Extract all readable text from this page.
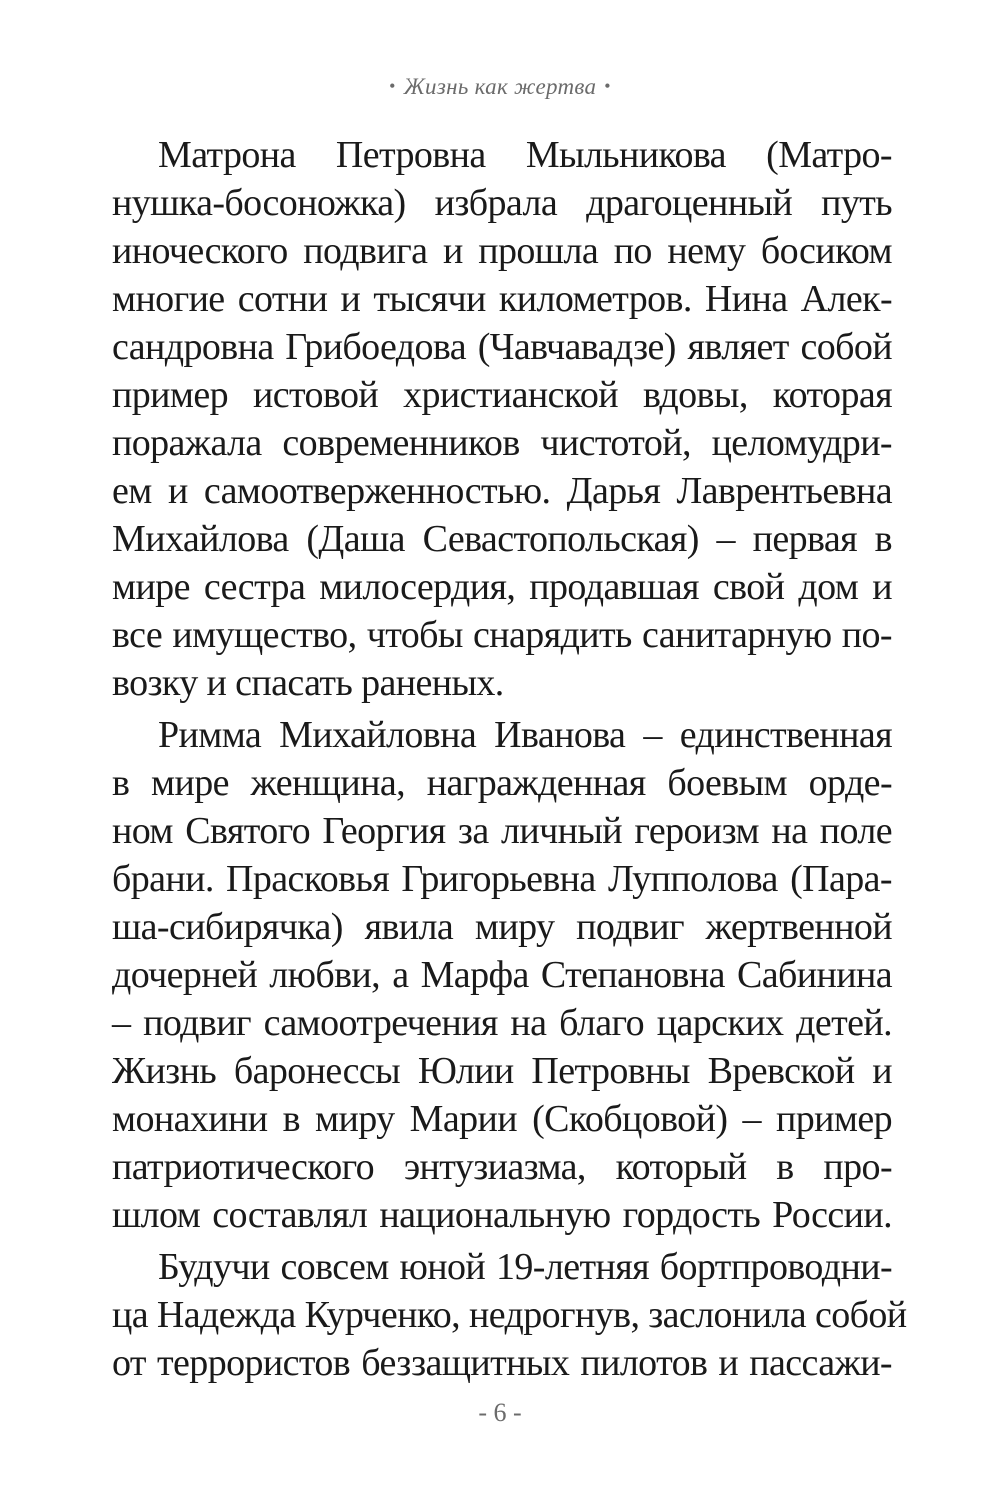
• Жизнь как жертва •
Матрона Петровна Мыльникова (Матро-
нушка-босоножка) избрала драгоценный путь
иноческого подвига и прошла по нему босиком
многие сотни и тысячи километров. Нина Алек-
сандровна Грибоедова (Чавчавадзе) являет собой
пример истовой христианской вдовы, которая
поражала современников чистотой, целомудри-
ем и самоотверженностью. Дарья Лаврентьевна
Михайлова (Даша Севастопольская) – первая в
мире сестра милосердия, продавшая свой дом и
все имущество, чтобы снарядить санитарную по-
возку и спасать раненых.
Римма Михайловна Иванова – единственная
в мире женщина, награжденная боевым орде-
ном Святого Георгия за личный героизм на поле
брани. Прасковья Григорьевна Лупполова (Пара-
ша-сибирячка) явила миру подвиг жертвенной
дочерней любви, а Марфа Степановна Сабинина
– подвиг самоотречения на благо царских детей.
Жизнь баронессы Юлии Петровны Вревской и
монахини в миру Марии (Скобцовой) – пример
патриотического энтузиазма, который в про-
шлом составлял национальную гордость России.
Будучи совсем юной 19-летняя бортпроводни-
ца Надежда Курченко, недрогнув, заслонила собой
от террористов беззащитных пилотов и пассажи-
- 6 -
